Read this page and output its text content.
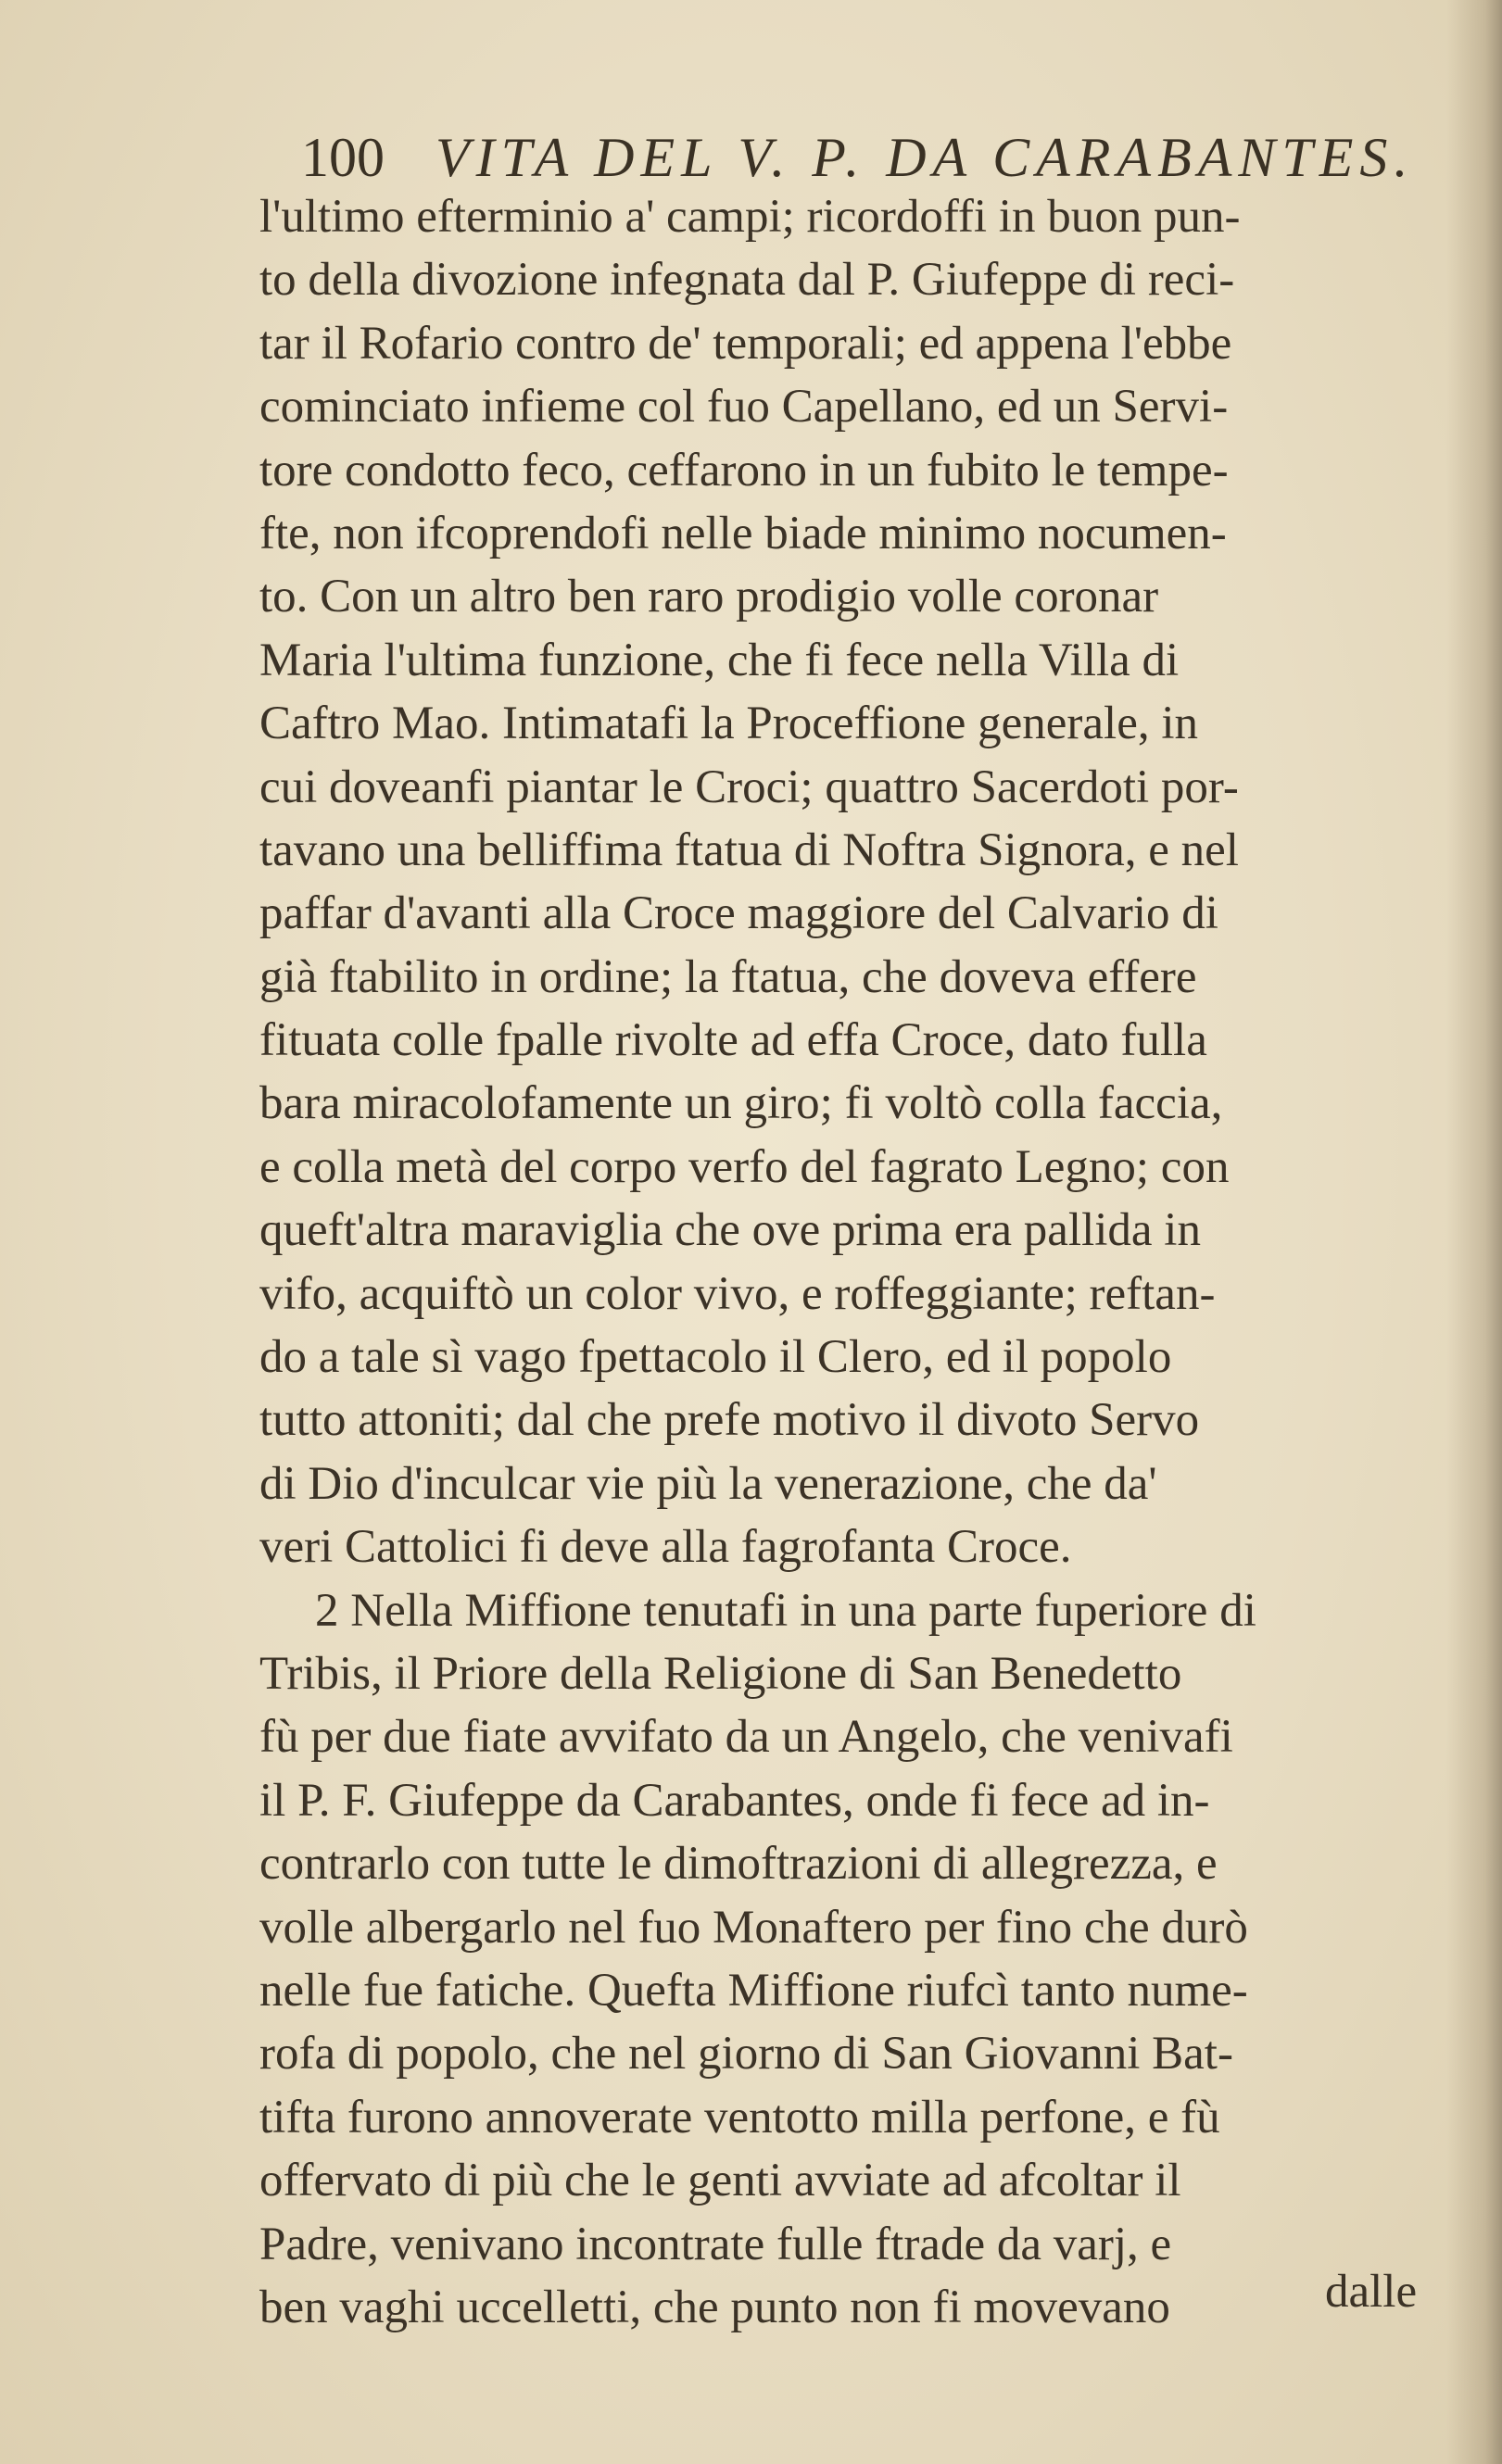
100 VITA DEL V. P. DA CARABANTES.
l'ultimo efterminio a' campi; ricordoffi in buon pun-
to della divozione infegnata dal P. Giufeppe di reci-
tar il Rofario contro de' temporali; ed appena l'ebbe
cominciato infieme col fuo Capellano, ed un Servi-
tore condotto feco, ceffarono in un fubito le tempe-
fte, non ifcoprendofi nelle biade minimo nocumen-
to. Con un altro ben raro prodigio volle coronar
Maria l'ultima funzione, che fi fece nella Villa di
Caftro Mao. Intimatafi la Proceffione generale, in
cui doveanfi piantar le Croci; quattro Sacerdoti por-
tavano una belliffima ftatua di Noftra Signora, e nel
paffar d'avanti alla Croce maggiore del Calvario di
già ftabilito in ordine; la ftatua, che doveva effere
fituata colle fpalle rivolte ad effa Croce, dato fulla
bara miracolofamente un giro; fi voltò colla faccia,
e colla metà del corpo verfo del fagrato Legno; con
queft'altra maraviglia che ove prima era pallida in
vifo, acquiftò un color vivo, e roffeggiante; reftan-
do a tale sì vago fpettacolo il Clero, ed il popolo
tutto attoniti; dal che prefe motivo il divoto Servo
di Dio d'inculcar vie più la venerazione, che da'
veri Cattolici fi deve alla fagrofanta Croce.
2 Nella Miffione tenutafi in una parte fuperiore di
Tribis, il Priore della Religione di San Benedetto
fù per due fiate avvifato da un Angelo, che venivafi
il P. F. Giufeppe da Carabantes, onde fi fece ad in-
contrarlo con tutte le dimoftrazioni di allegrezza, e
volle albergarlo nel fuo Monaftero per fino che durò
nelle fue fatiche. Quefta Miffione riufcì tanto nume-
rofa di popolo, che nel giorno di San Giovanni Bat-
tifta furono annoverate ventotto milla perfone, e fù
offervato di più che le genti avviate ad afcoltar il
Padre, venivano incontrate fulle ftrade da varj, e
ben vaghi uccelletti, che punto non fi movevano	dalle
